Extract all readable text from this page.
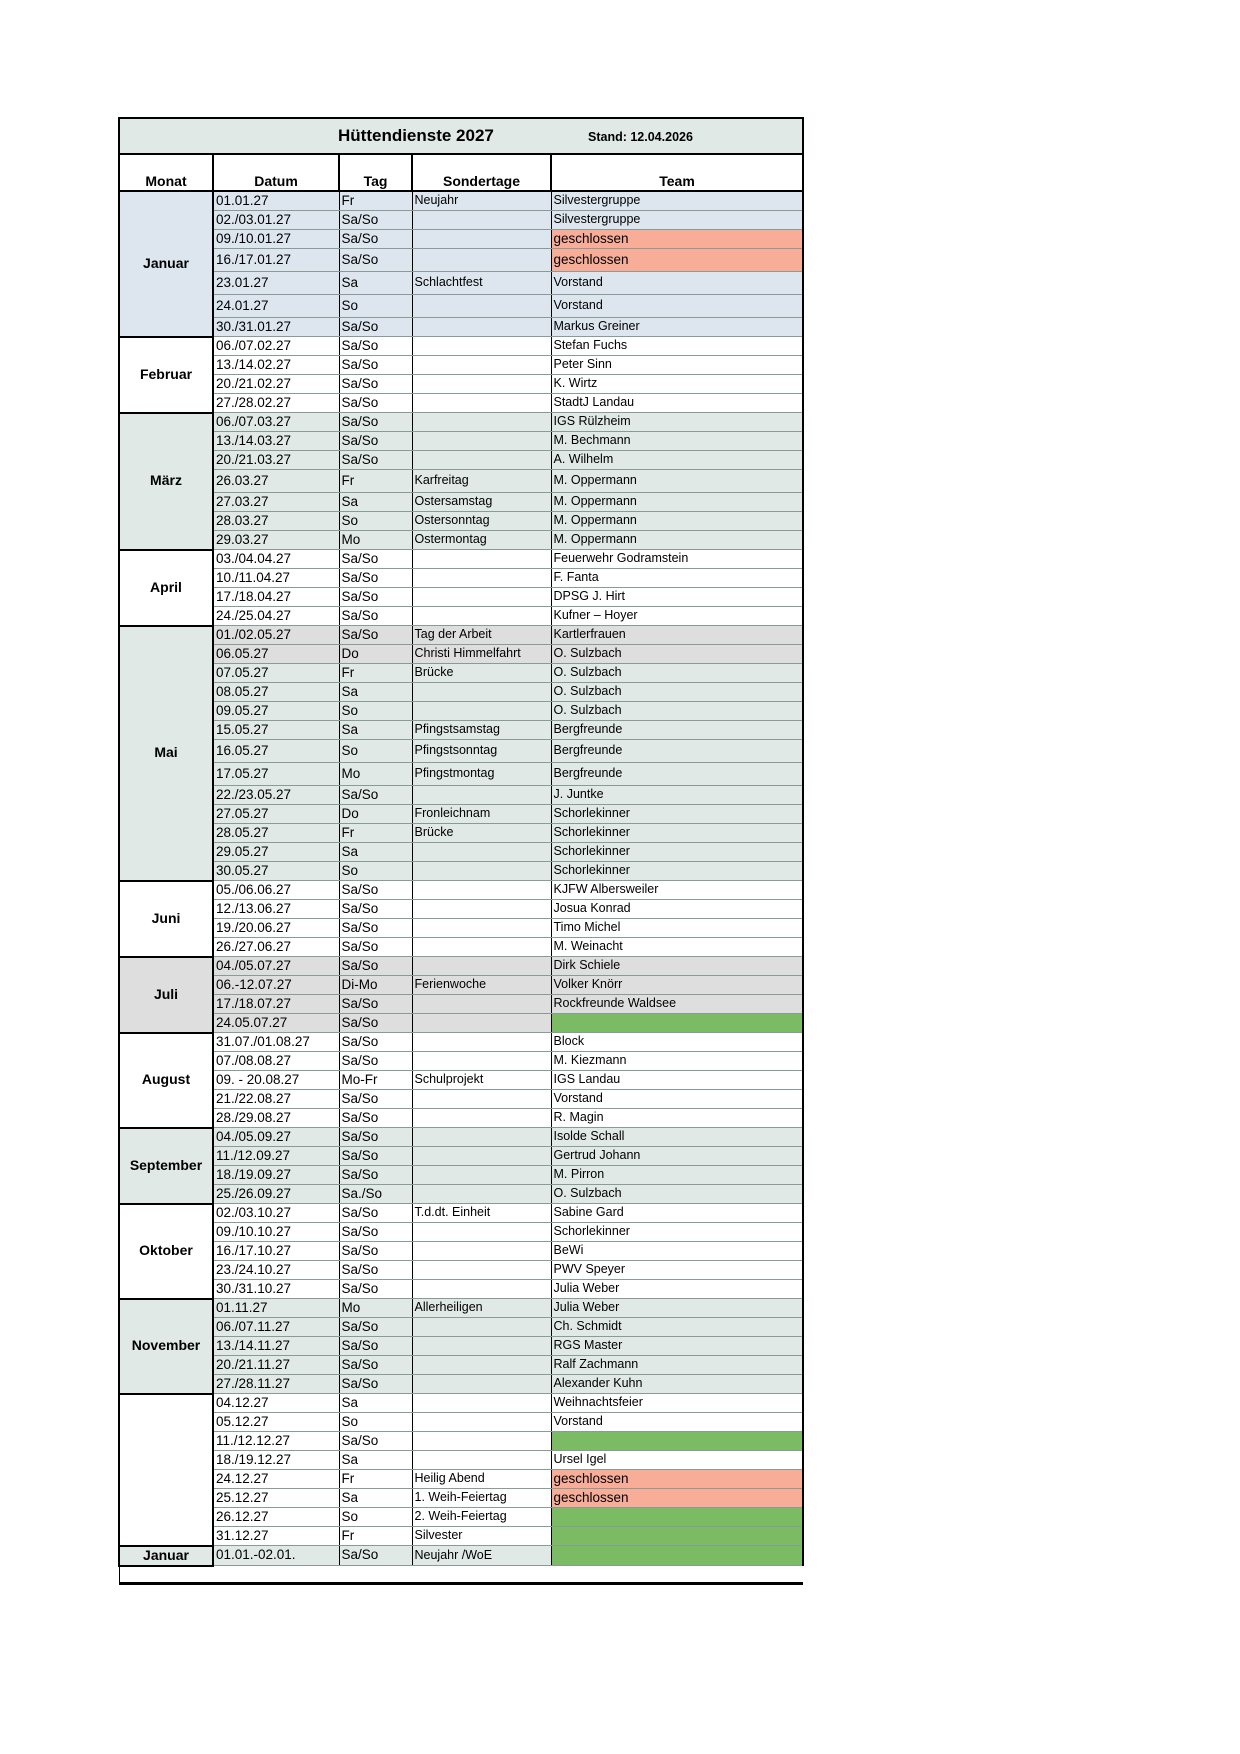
Hüttendienste 2027 Stand: 12.04.2026				

Monat	Datum	Tag	Sondertage	Team
Januar	01.01.27	Fr	Neujahr	Silvestergruppe
	02./03.01.27	Sa/So		Silvestergruppe
	09./10.01.27	Sa/So		geschlossen
	16./17.01.27	Sa/So		geschlossen
	23.01.27	Sa	Schlachtfest	Vorstand
	24.01.27	So		Vorstand
	30./31.01.27	Sa/So		Markus Greiner
Februar	06./07.02.27	Sa/So		Stefan Fuchs
	13./14.02.27	Sa/So		Peter Sinn
	20./21.02.27	Sa/So		K. Wirtz
	27./28.02.27	Sa/So		StadtJ Landau
März	06./07.03.27	Sa/So		IGS Rülzheim
	13./14.03.27	Sa/So		M. Bechmann
	20./21.03.27	Sa/So		A. Wilhelm
	26.03.27	Fr	Karfreitag	M. Oppermann
	27.03.27	Sa	Ostersamstag	M. Oppermann
	28.03.27	So	Ostersonntag	M. Oppermann
	29.03.27	Mo	Ostermontag	M. Oppermann
April	03./04.04.27	Sa/So		Feuerwehr Godramstein
	10./11.04.27	Sa/So		F. Fanta
	17./18.04.27	Sa/So		DPSG J. Hirt
	24./25.04.27	Sa/So		Kufner – Hoyer
Mai	01./02.05.27	Sa/So	Tag der Arbeit	Kartlerfrauen
	06.05.27	Do	Christi Himmelfahrt	O. Sulzbach
	07.05.27	Fr	Brücke	O. Sulzbach
	08.05.27	Sa		O. Sulzbach
	09.05.27	So		O. Sulzbach
	15.05.27	Sa	Pfingstsamstag	Bergfreunde
	16.05.27	So	Pfingstsonntag	Bergfreunde
	17.05.27	Mo	Pfingstmontag	Bergfreunde
	22./23.05.27	Sa/So		J. Juntke
	27.05.27	Do	Fronleichnam	Schorlekinner
	28.05.27	Fr	Brücke	Schorlekinner
	29.05.27	Sa		Schorlekinner
	30.05.27	So		Schorlekinner
Juni	05./06.06.27	Sa/So		KJFW Albersweiler
	12./13.06.27	Sa/So		Josua Konrad
	19./20.06.27	Sa/So		Timo Michel
	26./27.06.27	Sa/So		M. Weinacht
Juli	04./05.07.27	Sa/So		Dirk Schiele
	06.-12.07.27	Di-Mo	Ferienwoche	Volker Knörr
	17./18.07.27	Sa/So		Rockfreunde Waldsee
	24.05.07.27	Sa/So		
August	31.07./01.08.27	Sa/So		Block
	07./08.08.27	Sa/So		M. Kiezmann
	09. - 20.08.27	Mo-Fr	Schulprojekt	IGS Landau
	21./22.08.27	Sa/So		Vorstand
	28./29.08.27	Sa/So		R. Magin
September	04./05.09.27	Sa/So		Isolde Schall
	11./12.09.27	Sa/So		Gertrud Johann
	18./19.09.27	Sa/So		M. Pirron
	25./26.09.27	Sa./So		O. Sulzbach
Oktober	02./03.10.27	Sa/So	T.d.dt. Einheit	Sabine Gard
	09./10.10.27	Sa/So		Schorlekinner
	16./17.10.27	Sa/So		BeWi
	23./24.10.27	Sa/So		PWV Speyer
	30./31.10.27	Sa/So		Julia Weber
November	01.11.27	Mo	Allerheiligen	Julia Weber
	06./07.11.27	Sa/So		Ch. Schmidt
	13./14.11.27	Sa/So		RGS Master
	20./21.11.27	Sa/So		Ralf Zachmann
	27./28.11.27	Sa/So		Alexander Kuhn
	04.12.27	Sa		Weihnachtsfeier
	05.12.27	So		Vorstand
	11./12.12.27	Sa/So		
	18./19.12.27	Sa		Ursel Igel
	24.12.27	Fr	Heilig Abend	geschlossen
	25.12.27	Sa	1. Weih-Feiertag	geschlossen
	26.12.27	So	2. Weih-Feiertag	
	31.12.27	Fr	Silvester	
Januar	01.01.-02.01.	Sa/So	Neujahr /WoE	
